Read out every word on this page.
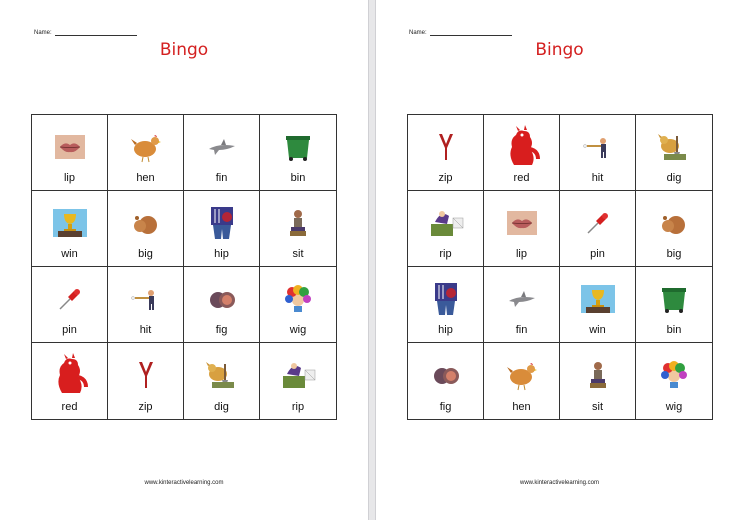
Name:
Bingo
lip	hen	fin	bin
win	big	hip	sit
pin	hit	fig	wig
red	zip	dig	rip
www.kinteractivelearning.com
Name:
Bingo
zip	red	hit	dig
rip	lip	pin	big
hip	fin	win	bin
fig	hen	sit	wig
www.kinteractivelearning.com
